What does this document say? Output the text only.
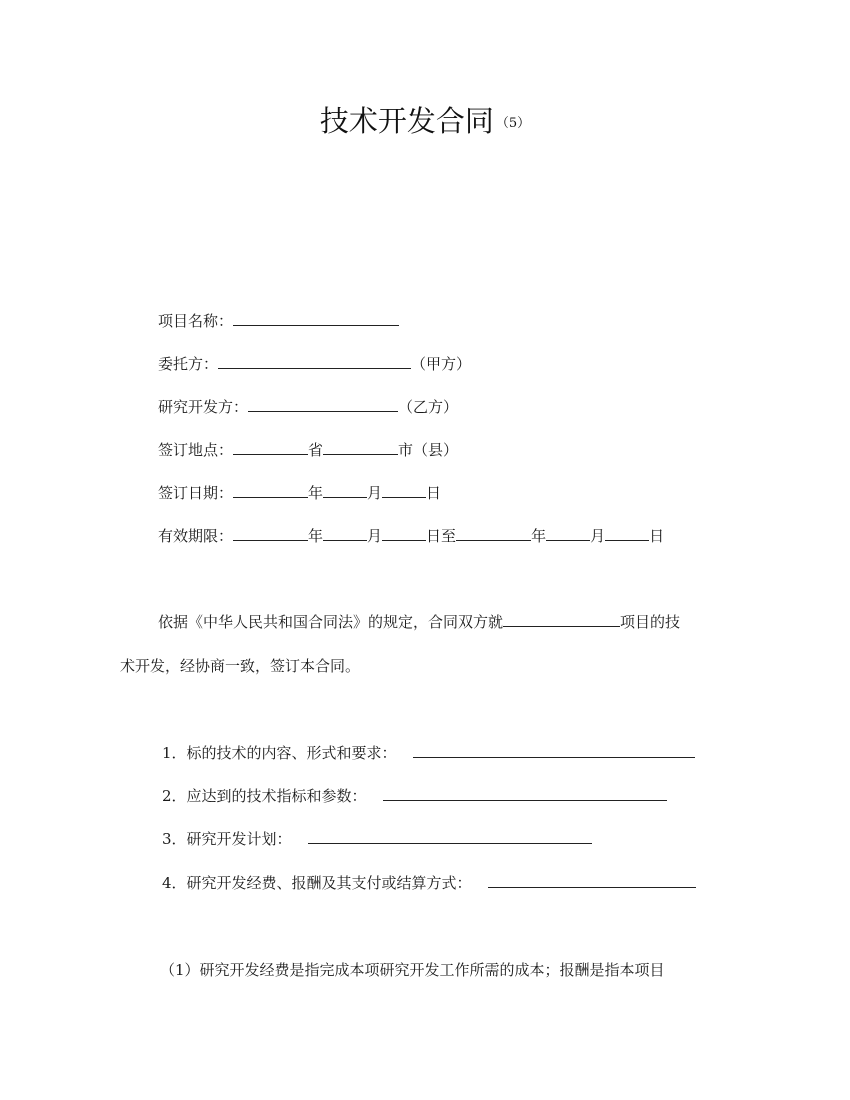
技术开发合同 （5）
项目名称：
委托方：	（甲方）
研究开发方：	（乙方）
签订地点：	省	市（县）
签订日期：	年	月	日
有效期限：	年	月	日至	年	月	日
依据《中华人民共和国合同法》的规定，合同双方就	项目的技
术开发，经协商一致，签订本合同。
1．标的技术的内容、形式和要求：
2．应达到的技术指标和参数：
3．研究开发计划：
4．研究开发经费、报酬及其支付或结算方式：
（1）研究开发经费是指完成本项研究开发工作所需的成本；报酬是指本项目
